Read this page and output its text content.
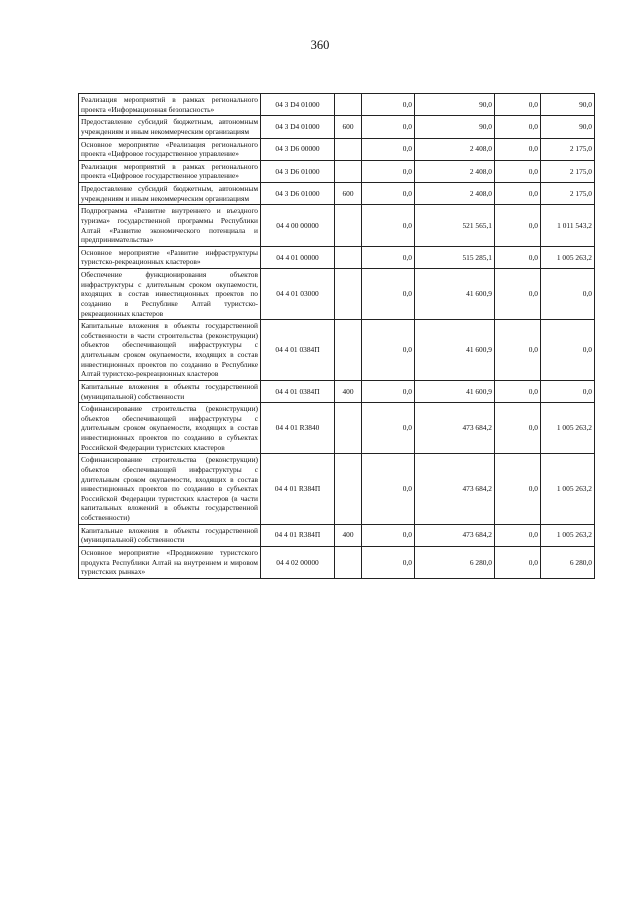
360
Реализация мероприятий в рамках регионального проекта «Информационная безопасность»	04 3 D4 01000		0,0	90,0	0,0	90,0
Предоставление субсидий бюджетным, автономным учреждениям и иным некоммерческим организациям	04 3 D4 01000	600	0,0	90,0	0,0	90,0
Основное мероприятие «Реализация регионального проекта «Цифровое государственное управление»	04 3 D6 00000		0,0	2 408,0	0,0	2 175,0
Реализация мероприятий в рамках регионального проекта «Цифровое государственное управление»	04 3 D6 01000		0,0	2 408,0	0,0	2 175,0
Предоставление субсидий бюджетным, автономным учреждениям и иным некоммерческим организациям	04 3 D6 01000	600	0,0	2 408,0	0,0	2 175,0
Подпрограмма «Развитие внутреннего и въездного туризма» государственной программы Республики Алтай «Развитие экономического потенциала и предпринимательства»	04 4 00 00000		0,0	521 565,1	0,0	1 011 543,2
Основное мероприятие «Развитие инфраструктуры туристско-рекреационных кластеров»	04 4 01 00000		0,0	515 285,1	0,0	1 005 263,2
Обеспечение функционирования объектов инфраструктуры с длительным сроком окупаемости, входящих в состав инвестиционных проектов по созданию в Республике Алтай туристско-рекреационных кластеров	04 4 01 03000		0,0	41 600,9	0,0	0,0
Капитальные вложения в объекты государственной собственности в части строительства (реконструкции) объектов обеспечивающей инфраструктуры с длительным сроком окупаемости, входящих в состав инвестиционных проектов по созданию в Республике Алтай туристско-рекреационных кластеров	04 4 01 0384П		0,0	41 600,9	0,0	0,0
Капитальные вложения в объекты государственной (муниципальной) собственности	04 4 01 0384П	400	0,0	41 600,9	0,0	0,0
Софинансирование строительства (реконструкции) объектов обеспечивающей инфраструктуры с длительным сроком окупаемости, входящих в состав инвестиционных проектов по созданию в субъектах Российской Федерации туристских кластеров	04 4 01 R3840		0,0	473 684,2	0,0	1 005 263,2
Софинансирование строительства (реконструкции) объектов обеспечивающей инфраструктуры с длительным сроком окупаемости, входящих в состав инвестиционных проектов по созданию в субъектах Российской Федерации туристских кластеров (в части капитальных вложений в объекты государственной собственности)	04 4 01 R384П		0,0	473 684,2	0,0	1 005 263,2
Капитальные вложения в объекты государственной (муниципальной) собственности	04 4 01 R384П	400	0,0	473 684,2	0,0	1 005 263,2
Основное мероприятие «Продвижение туристского продукта Республики Алтай на внутреннем и мировом туристских рынках»	04 4 02 00000		0,0	6 280,0	0,0	6 280,0
